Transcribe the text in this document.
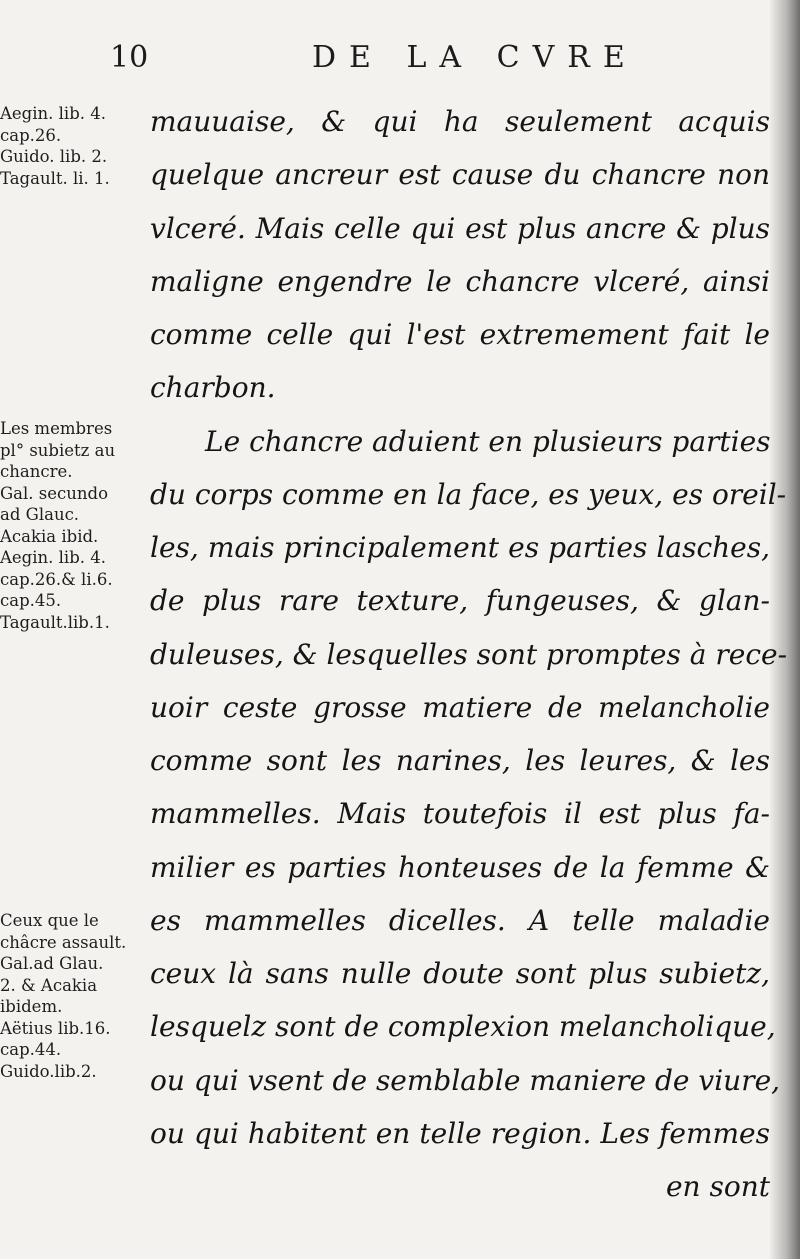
10	DE LA CVRE
Aegin. lib. 4.
cap.26.
Guido. lib. 2.
Tagault. li. 1.
Les membres
pl° subietz au
chancre.
Gal. secundo
ad Glauc.
Acakia ibid.
Aegin. lib. 4.
cap.26.& li.6.
cap.45.
Tagault.lib.1.
Ceux que le
châcre assault.
Gal.ad Glau.
2. & Acakia
ibidem.
Aëtius lib.16.
cap.44.
Guido.lib.2.
mauuaise, & qui ha seulement acquis
quelque ancreur est cause du chancre non
vlceré. Mais celle qui est plus ancre & plus
maligne engendre le chancre vlceré, ainsi
comme celle qui l'est extremement fait le
charbon.
Le chancre aduient en plusieurs parties
du corps comme en la face, es yeux, es oreil-
les, mais principalement es parties lasches,
de plus rare texture, fungeuses, & glan-
duleuses, & lesquelles sont promptes à rece-
uoir ceste grosse matiere de melancholie
comme sont les narines, les leures, & les
mammelles. Mais toutefois il est plus fa-
milier es parties honteuses de la femme &
es mammelles dicelles. A telle maladie
ceux là sans nulle doute sont plus subietz,
lesquelz sont de complexion melancholique,
ou qui vsent de semblable maniere de viure,
ou qui habitent en telle region. Les femmes
en sont
